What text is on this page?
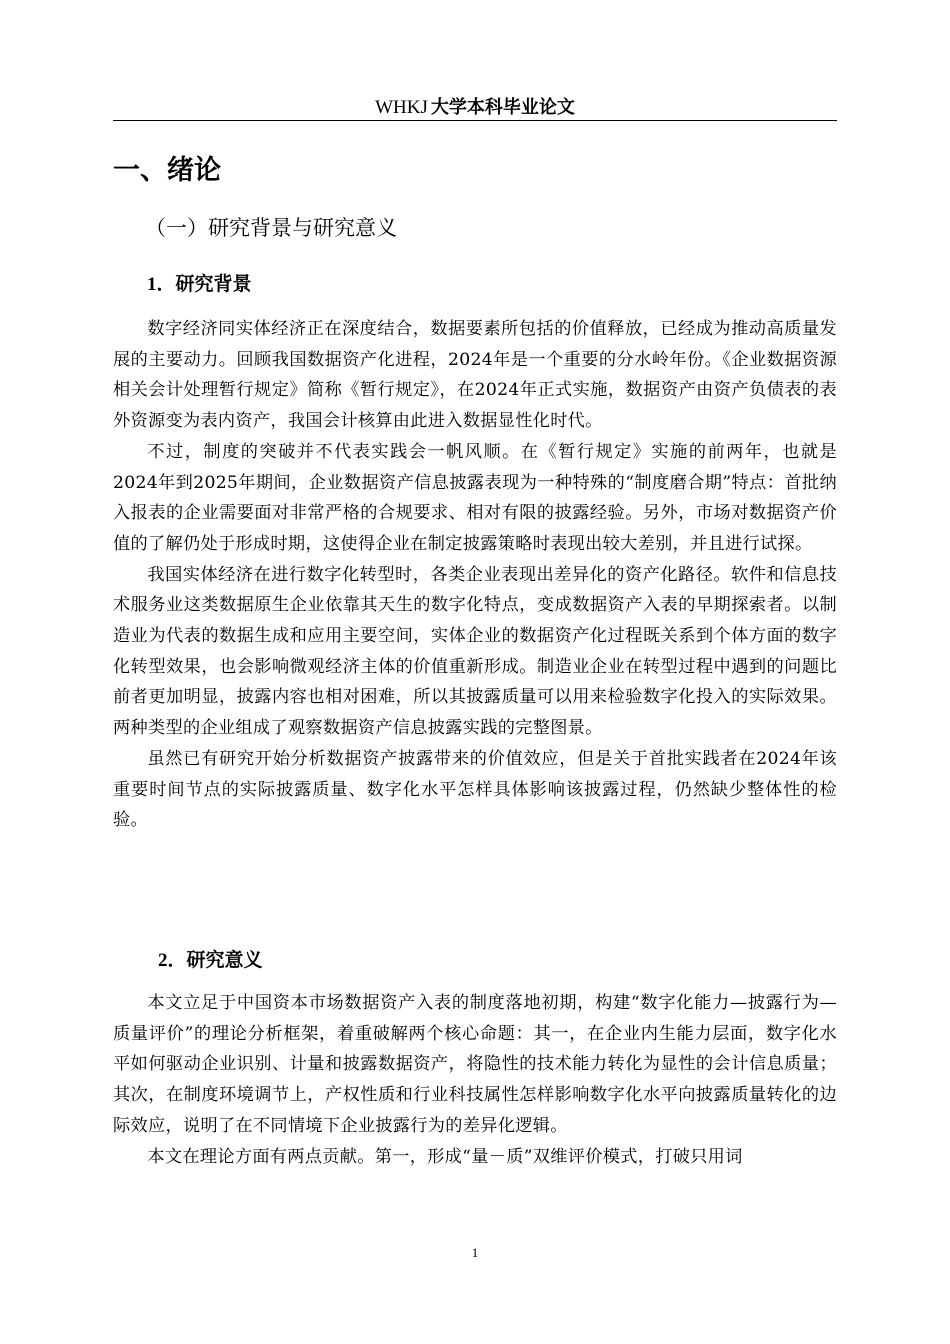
WHKJ 大学本科毕业论文
一、绪论
（一）研究背景与研究意义
1．研究背景

数字经济同实体经济正在深度结合，数据要素所包括的价值释放，已经成为推动高质量发展的主要动力。回顾我国数据资产化进程，2024年是一个重要的分水岭年份。《企业数据资源相关会计处理暂行规定》简称《暂行规定》，在2024年正式实施，数据资产由资产负债表的表外资源变为表内资产，我国会计核算由此进入数据显性化时代。

不过，制度的突破并不代表实践会一帆风顺。在《暂行规定》实施的前两年，也就是2024年到2025年期间，企业数据资产信息披露表现为一种特殊的“制度磨合期”特点：首批纳入报表的企业需要面对非常严格的合规要求、相对有限的披露经验。另外，市场对数据资产价值的了解仍处于形成时期，这使得企业在制定披露策略时表现出较大差别，并且进行试探。

我国实体经济在进行数字化转型时，各类企业表现出差异化的资产化路径。软件和信息技术服务业这类数据原生企业依靠其天生的数字化特点，变成数据资产入表的早期探索者。以制造业为代表的数据生成和应用主要空间，实体企业的数据资产化过程既关系到个体方面的数字化转型效果，也会影响微观经济主体的价值重新形成。制造业企业在转型过程中遇到的问题比前者更加明显，披露内容也相对困难，所以其披露质量可以用来检验数字化投入的实际效果。两种类型的企业组成了观察数据资产信息披露实践的完整图景。

虽然已有研究开始分析数据资产披露带来的价值效应，但是关于首批实践者在2024年该重要时间节点的实际披露质量、数字化水平怎样具体影响该披露过程，仍然缺少整体性的检验。

2．研究意义

本文立足于中国资本市场数据资产入表的制度落地初期，构建“数字化能力—披露行为—质量评价”的理论分析框架，着重破解两个核心命题：其一，在企业内生能力层面，数字化水平如何驱动企业识别、计量和披露数据资产，将隐性的技术能力转化为显性的会计信息质量；其次，在制度环境调节上，产权性质和行业科技属性怎样影响数字化水平向披露质量转化的边际效应，说明了在不同情境下企业披露行为的差异化逻辑。

本文在理论方面有两点贡献。第一，形成“量－质”双维评价模式，打破只用词

1
